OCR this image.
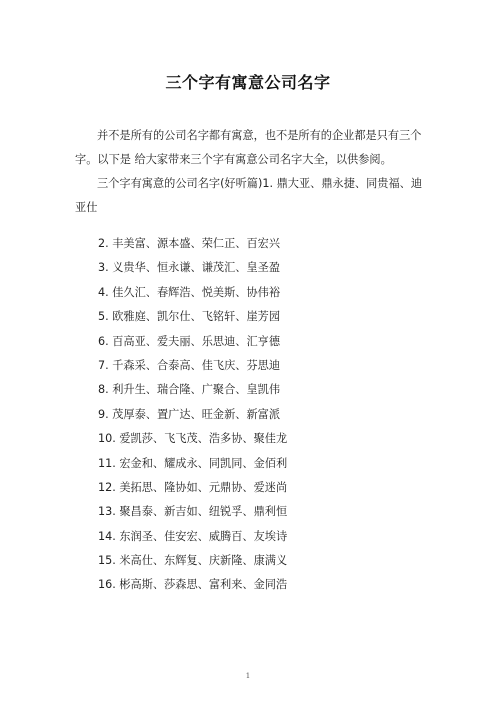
三个字有寓意公司名字
并不是所有的公司名字都有寓意，也不是所有的企业都是只有三个字。以下是 给大家带来三个字有寓意公司名字大全，以供参阅。
三个字有寓意的公司名字(好听篇)1. 鼎大亚、鼎永捷、同贵福、迪亚仕
2. 丰美富、源本盛、荣仁正、百宏兴
3. 义贵华、恒永谦、谦茂汇、皇圣盈
4. 佳久汇、春辉浩、悦美斯、协伟裕
5. 欧雅庭、凯尔仕、飞铭轩、崖芳园
6. 百高亚、爱夫丽、乐思迪、汇亨德
7. 千森采、合泰高、佳飞庆、芬思迪
8. 利升生、瑞合隆、广聚合、皇凯伟
9. 茂厚泰、置广达、旺金新、新富派
10. 爱凯莎、飞飞茂、浩多协、聚佳龙
11. 宏金和、耀成永、同凯同、金佰利
12. 美拓思、隆协如、元鼎协、爱迷尚
13. 聚昌泰、新吉如、纽锐孚、鼎利恒
14. 东润圣、佳安宏、威腾百、友埃诗
15. 米高仕、东辉复、庆新隆、康满义
16. 彬高斯、莎森思、富利来、金同浩
1
